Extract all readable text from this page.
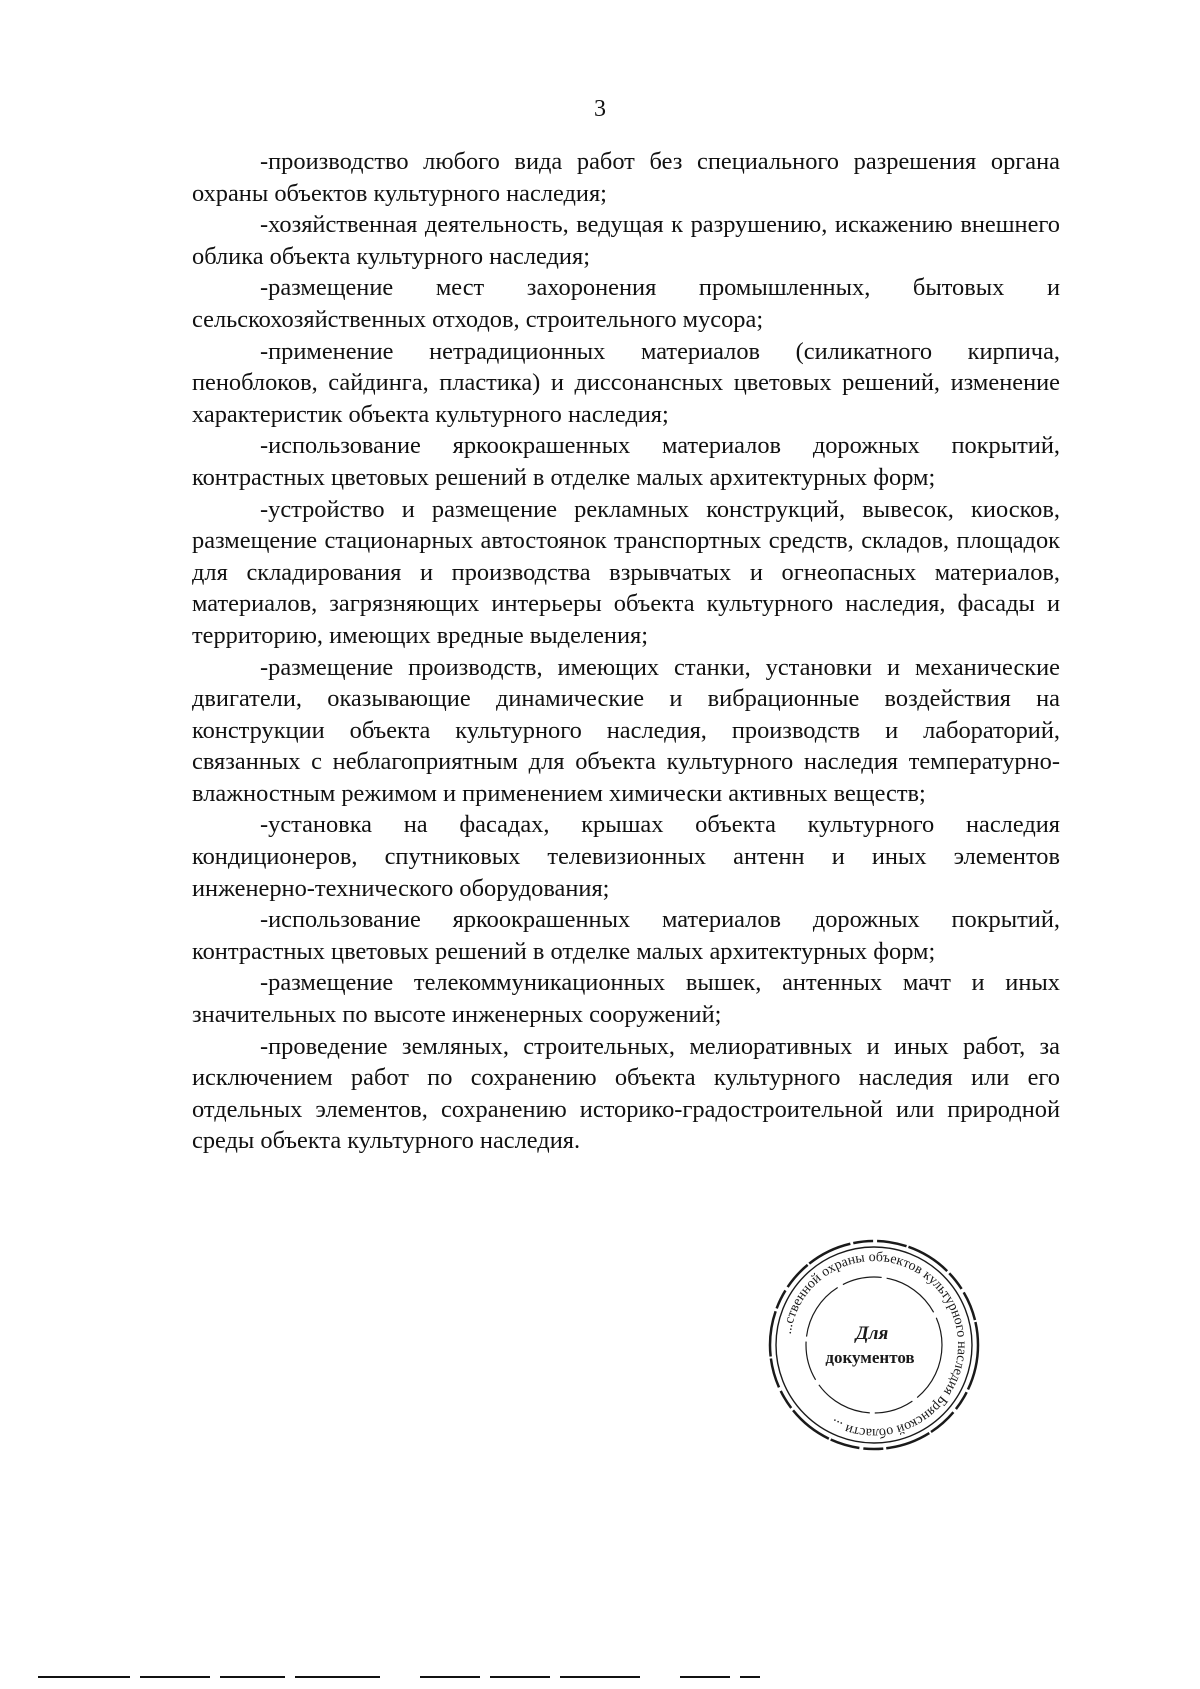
3

-производство любого вида работ без специального разрешения органа охраны объектов культурного наследия;

-хозяйственная деятельность, ведущая к разрушению, искажению внешнего облика объекта культурного наследия;

-размещение мест захоронения промышленных, бытовых и сельскохозяйственных отходов, строительного мусора;

-применение нетрадиционных материалов (силикатного кирпича, пеноблоков, сайдинга, пластика) и диссонансных цветовых решений, изменение характеристик объекта культурного наследия;

-использование яркоокрашенных материалов дорожных покрытий, контрастных цветовых решений в отделке малых архитектурных форм;

-устройство и размещение рекламных конструкций, вывесок, киосков, размещение стационарных автостоянок транспортных средств, складов, площадок для складирования и производства взрывчатых и огнеопасных материалов, материалов, загрязняющих интерьеры объекта культурного наследия, фасады и территорию, имеющих вредные выделения;

-размещение производств, имеющих станки, установки и механические двигатели, оказывающие динамические и вибрационные воздействия на конструкции объекта культурного наследия, производств и лабораторий, связанных с неблагоприятным для объекта культурного наследия температурно-влажностным режимом и применением химически активных веществ;

-установка на фасадах, крышах объекта культурного наследия кондиционеров, спутниковых телевизионных антенн и иных элементов инженерно-технического оборудования;

-использование яркоокрашенных материалов дорожных покрытий, контрастных цветовых решений в отделке малых архитектурных форм;

-размещение телекоммуникационных вышек, антенных мачт и иных значительных по высоте инженерных сооружений;

-проведение земляных, строительных, мелиоративных и иных работ, за исключением работ по сохранению объекта культурного наследия или его отдельных элементов, сохранению историко-градостроительной или природной среды объекта культурного наследия.

...ственной охраны объектов культурного наследия Брянской области ...
Для
документов
